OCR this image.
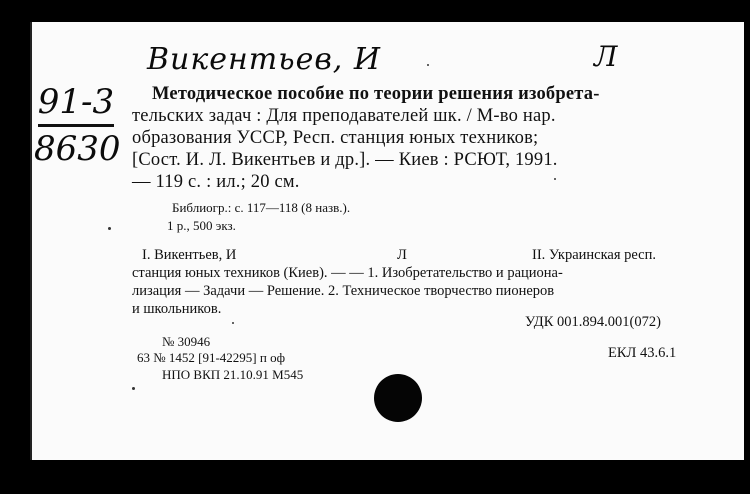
Викентьев, И	Л
91-3
8630
Методическое пособие по теории решения изобрета-
тельских задач : Для преподавателей шк. / М-во нар.
образования УССР, Респ. станция юных техников;
[Сост. И. Л. Викентьев и др.]. — Киев : РСЮТ, 1991.
— 119 с. : ил.; 20 см.
Библиогр.: с. 117—118 (8 назв.).
1 р., 500 экз.
I. Викентьев, И	Л	II. Украинская респ.
станция юных техников (Киев). — — 1. Изобретательство и рациона-
лизация — Задачи — Решение. 2. Техническое творчество пионеров
и школьников.
УДК 001.894.001(072)
ЕКЛ 43.6.1
№ 30946
63 № 1452 [91-42295] п оф
НПО ВКП 21.10.91 М545
